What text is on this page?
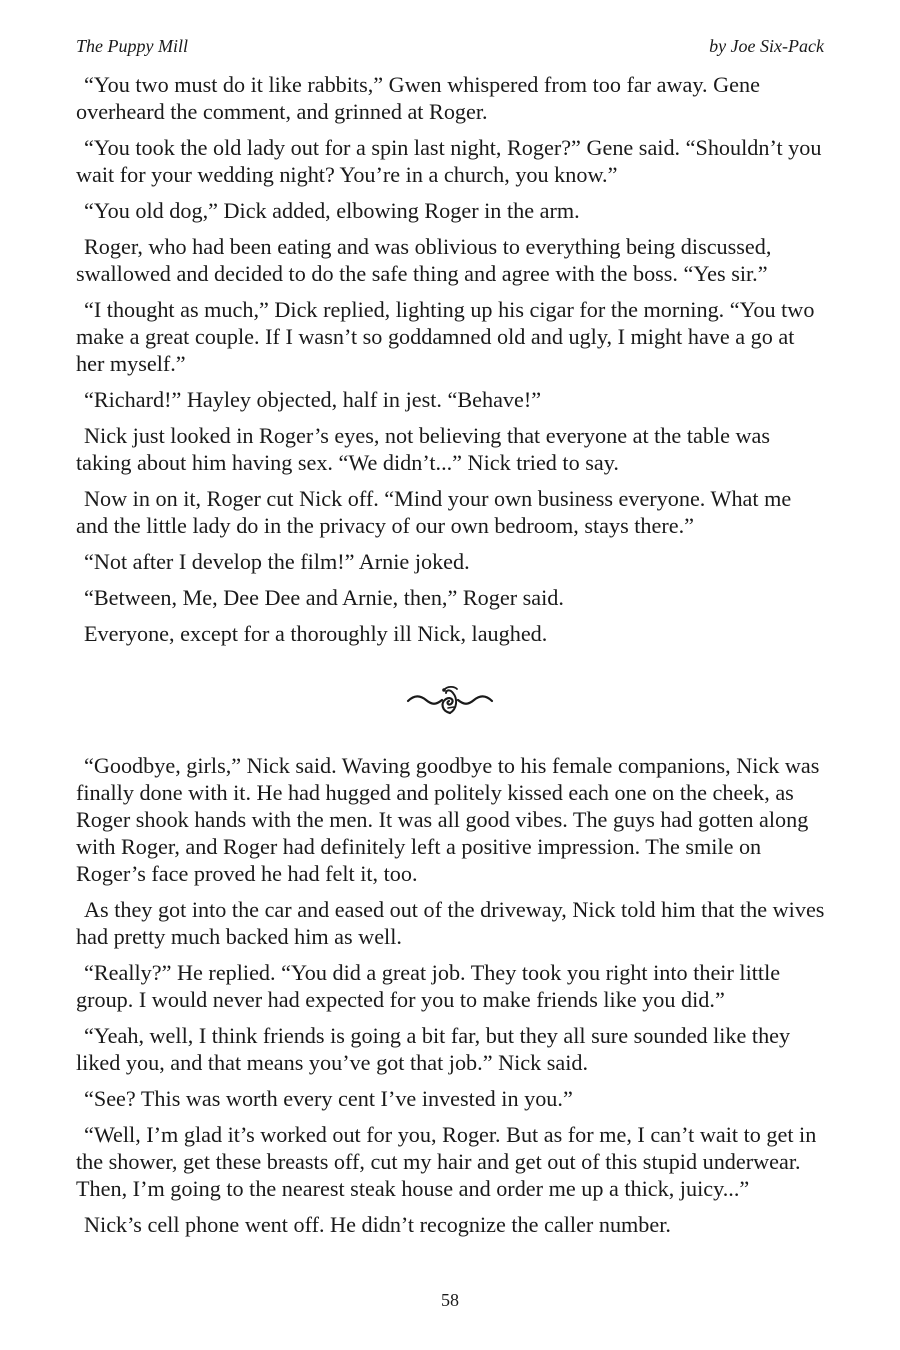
The Puppy Mill	by Joe Six-Pack

“You two must do it like rabbits,” Gwen whispered from too far away. Gene overheard the comment, and grinned at Roger.

“You took the old lady out for a spin last night, Roger?” Gene said. “Shouldn’t you wait for your wedding night? You’re in a church, you know.”

“You old dog,” Dick added, elbowing Roger in the arm.

Roger, who had been eating and was oblivious to everything being discussed, swallowed and decided to do the safe thing and agree with the boss. “Yes sir.”

“I thought as much,” Dick replied, lighting up his cigar for the morning. “You two make a great couple. If I wasn’t so goddamned old and ugly, I might have a go at her myself.”

“Richard!” Hayley objected, half in jest. “Behave!”

Nick just looked in Roger’s eyes, not believing that everyone at the table was taking about him having sex. “We didn’t...” Nick tried to say.

Now in on it, Roger cut Nick off. “Mind your own business everyone. What me and the little lady do in the privacy of our own bedroom, stays there.”

“Not after I develop the film!” Arnie joked.

“Between, Me, Dee Dee and Arnie, then,” Roger said.

Everyone, except for a thoroughly ill Nick, laughed.

“Goodbye, girls,” Nick said. Waving goodbye to his female companions, Nick was finally done with it. He had hugged and politely kissed each one on the cheek, as Roger shook hands with the men. It was all good vibes. The guys had gotten along with Roger, and Roger had definitely left a positive impression. The smile on Roger’s face proved he had felt it, too.

As they got into the car and eased out of the driveway, Nick told him that the wives had pretty much backed him as well.

“Really?” He replied. “You did a great job. They took you right into their little group. I would never had expected for you to make friends like you did.”

“Yeah, well, I think friends is going a bit far, but they all sure sounded like they liked you, and that means you’ve got that job.” Nick said.

“See? This was worth every cent I’ve invested in you.”

“Well, I’m glad it’s worked out for you, Roger. But as for me, I can’t wait to get in the shower, get these breasts off, cut my hair and get out of this stupid underwear. Then, I’m going to the nearest steak house and order me up a thick, juicy...”

Nick’s cell phone went off. He didn’t recognize the caller number.

58
